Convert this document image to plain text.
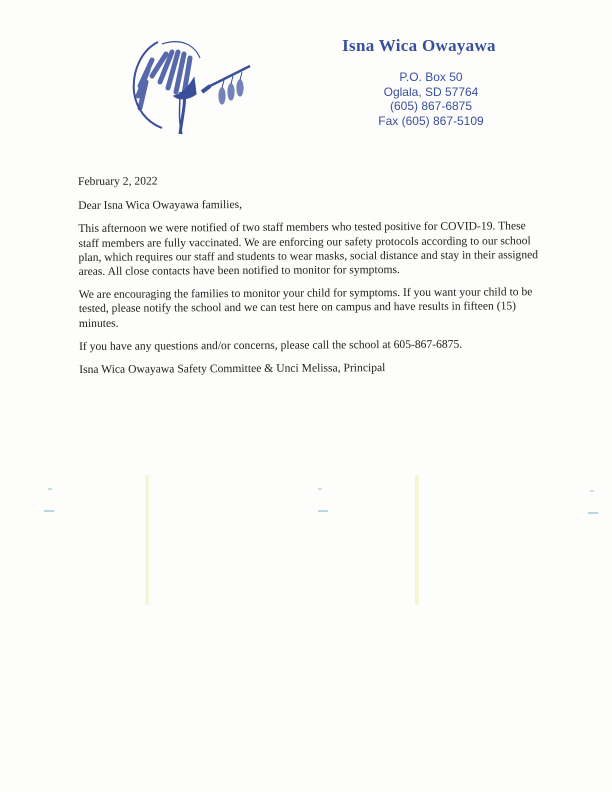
Isna Wica Owayawa
P.O. Box 50
Oglala, SD 57764
(605) 867-6875
Fax (605) 867-5109

February 2, 2022

Dear Isna Wica Owayawa families,

This afternoon we were notified of two staff members who tested positive for COVID-19. These staff members are fully vaccinated. We are enforcing our safety protocols according to our school plan, which requires our staff and students to wear masks, social distance and stay in their assigned areas. All close contacts have been notified to monitor for symptoms.

We are encouraging the families to monitor your child for symptoms. If you want your child to be tested, please notify the school and we can test here on campus and have results in fifteen (15) minutes.

If you have any questions and/or concerns, please call the school at 605-867-6875.

Isna Wica Owayawa Safety Committee & Unci Melissa, Principal
